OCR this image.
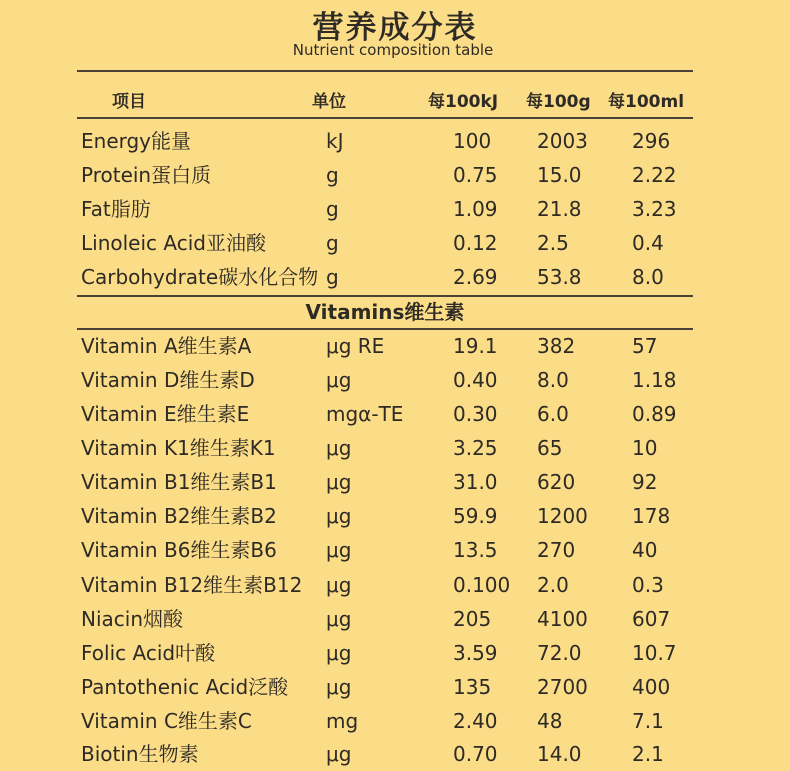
营养成分表
Nutrient composition table
项目	单位	每100kJ 每100g 每100ml
Energy能量	kJ	100 2003 296
Protein蛋白质	g	0.75 15.0	2.22
Fat脂肪	g	1.09 21.8	3.23
Linoleic Acid亚油酸	g	0.12 2.5	0.4
Carbohydrate碳水化合物 g	2.69 53.8	8.0
Vitamins维生素
Vitamin A维生素A	μg RE	19.1 382	57
Vitamin D维生素D	μg	0.40 8.0	1.18
Vitamin E维生素E	mgα-TE 0.30 6.0	0.89
Vitamin K1维生素K1	μg	3.25 65	10
Vitamin B1维生素B1 μg	31.0 620	92
Vitamin B2维生素B2 μg	59.9 1200 178
Vitamin B6维生素B6 μg	13.5 270	40
Vitamin B12维生素B12 μg	0.100 2.0	0.3
Niacin烟酸	μg	205 4100 607
Folic Acid叶酸	μg	3.59 72.0	10.7
Pantothenic Acid泛酸 μg	135 2700 400
Vitamin C维生素C	mg	2.40 48	7.1
Biotin生物素	μg	0.70 14.0	2.1
